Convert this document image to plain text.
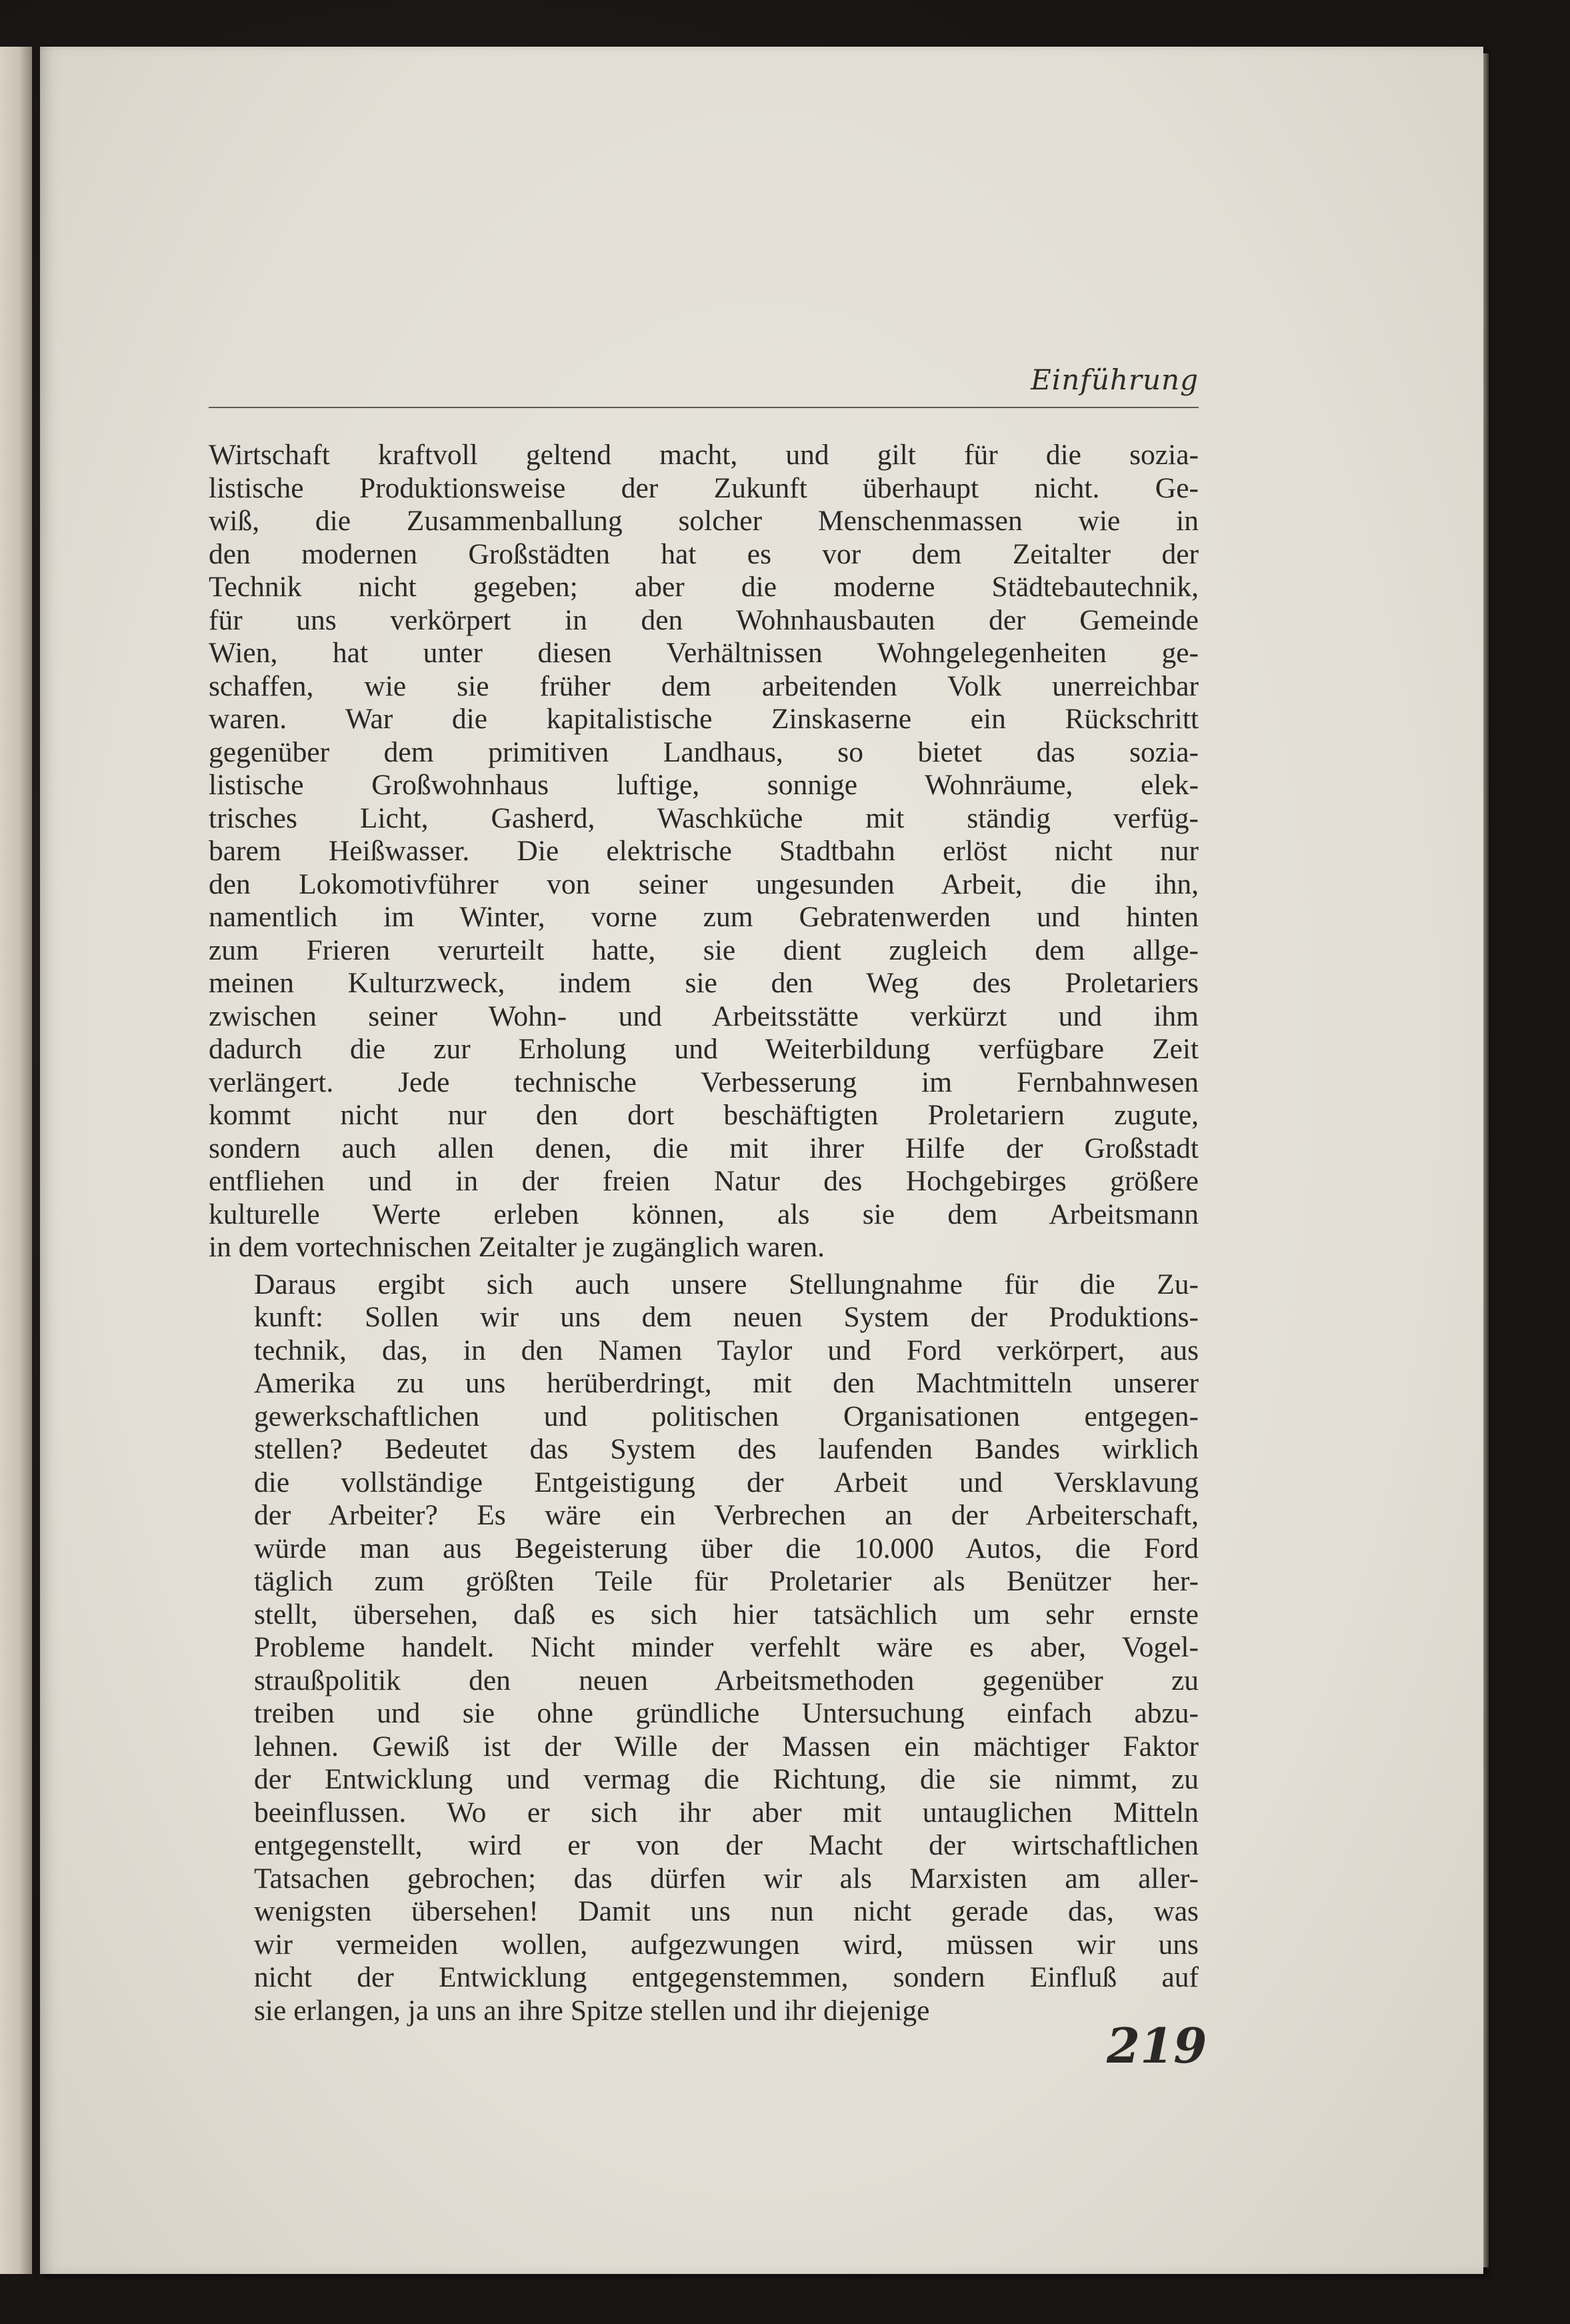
Einführung

Wirtschaft kraftvoll geltend macht, und gilt für die sozia-
listische Produktionsweise der Zukunft überhaupt nicht. Ge-
wiß, die Zusammenballung solcher Menschenmassen wie in
den modernen Großstädten hat es vor dem Zeitalter der
Technik nicht gegeben; aber die moderne Städtebautechnik,
für uns verkörpert in den Wohnhausbauten der Gemeinde
Wien, hat unter diesen Verhältnissen Wohngelegenheiten ge-
schaffen, wie sie früher dem arbeitenden Volk unerreichbar
waren. War die kapitalistische Zinskaserne ein Rückschritt
gegenüber dem primitiven Landhaus, so bietet das sozia-
listische Großwohnhaus luftige, sonnige Wohnräume, elek-
trisches Licht, Gasherd, Waschküche mit ständig verfüg-
barem Heißwasser. Die elektrische Stadtbahn erlöst nicht nur
den Lokomotivführer von seiner ungesunden Arbeit, die ihn,
namentlich im Winter, vorne zum Gebratenwerden und hinten
zum Frieren verurteilt hatte, sie dient zugleich dem allge-
meinen Kulturzweck, indem sie den Weg des Proletariers
zwischen seiner Wohn- und Arbeitsstätte verkürzt und ihm
dadurch die zur Erholung und Weiterbildung verfügbare Zeit
verlängert. Jede technische Verbesserung im Fernbahnwesen
kommt nicht nur den dort beschäftigten Proletariern zugute,
sondern auch allen denen, die mit ihrer Hilfe der Großstadt
entfliehen und in der freien Natur des Hochgebirges größere
kulturelle Werte erleben können, als sie dem Arbeitsmann
in dem vortechnischen Zeitalter je zugänglich waren.

Daraus ergibt sich auch unsere Stellungnahme für die Zu-
kunft: Sollen wir uns dem neuen System der Produktions-
technik, das, in den Namen Taylor und Ford verkörpert, aus
Amerika zu uns herüberdringt, mit den Machtmitteln unserer
gewerkschaftlichen und politischen Organisationen entgegen-
stellen? Bedeutet das System des laufenden Bandes wirklich
die vollständige Entgeistigung der Arbeit und Versklavung
der Arbeiter? Es wäre ein Verbrechen an der Arbeiterschaft,
würde man aus Begeisterung über die 10.000 Autos, die Ford
täglich zum größten Teile für Proletarier als Benützer her-
stellt, übersehen, daß es sich hier tatsächlich um sehr ernste
Probleme handelt. Nicht minder verfehlt wäre es aber, Vogel-
straußpolitik den neuen Arbeitsmethoden gegenüber zu
treiben und sie ohne gründliche Untersuchung einfach abzu-
lehnen. Gewiß ist der Wille der Massen ein mächtiger Faktor
der Entwicklung und vermag die Richtung, die sie nimmt, zu
beeinflussen. Wo er sich ihr aber mit untauglichen Mitteln
entgegenstellt, wird er von der Macht der wirtschaftlichen
Tatsachen gebrochen; das dürfen wir als Marxisten am aller-
wenigsten übersehen! Damit uns nun nicht gerade das, was
wir vermeiden wollen, aufgezwungen wird, müssen wir uns
nicht der Entwicklung entgegenstemmen, sondern Einfluß auf
sie erlangen, ja uns an ihre Spitze stellen und ihr diejenige

219
